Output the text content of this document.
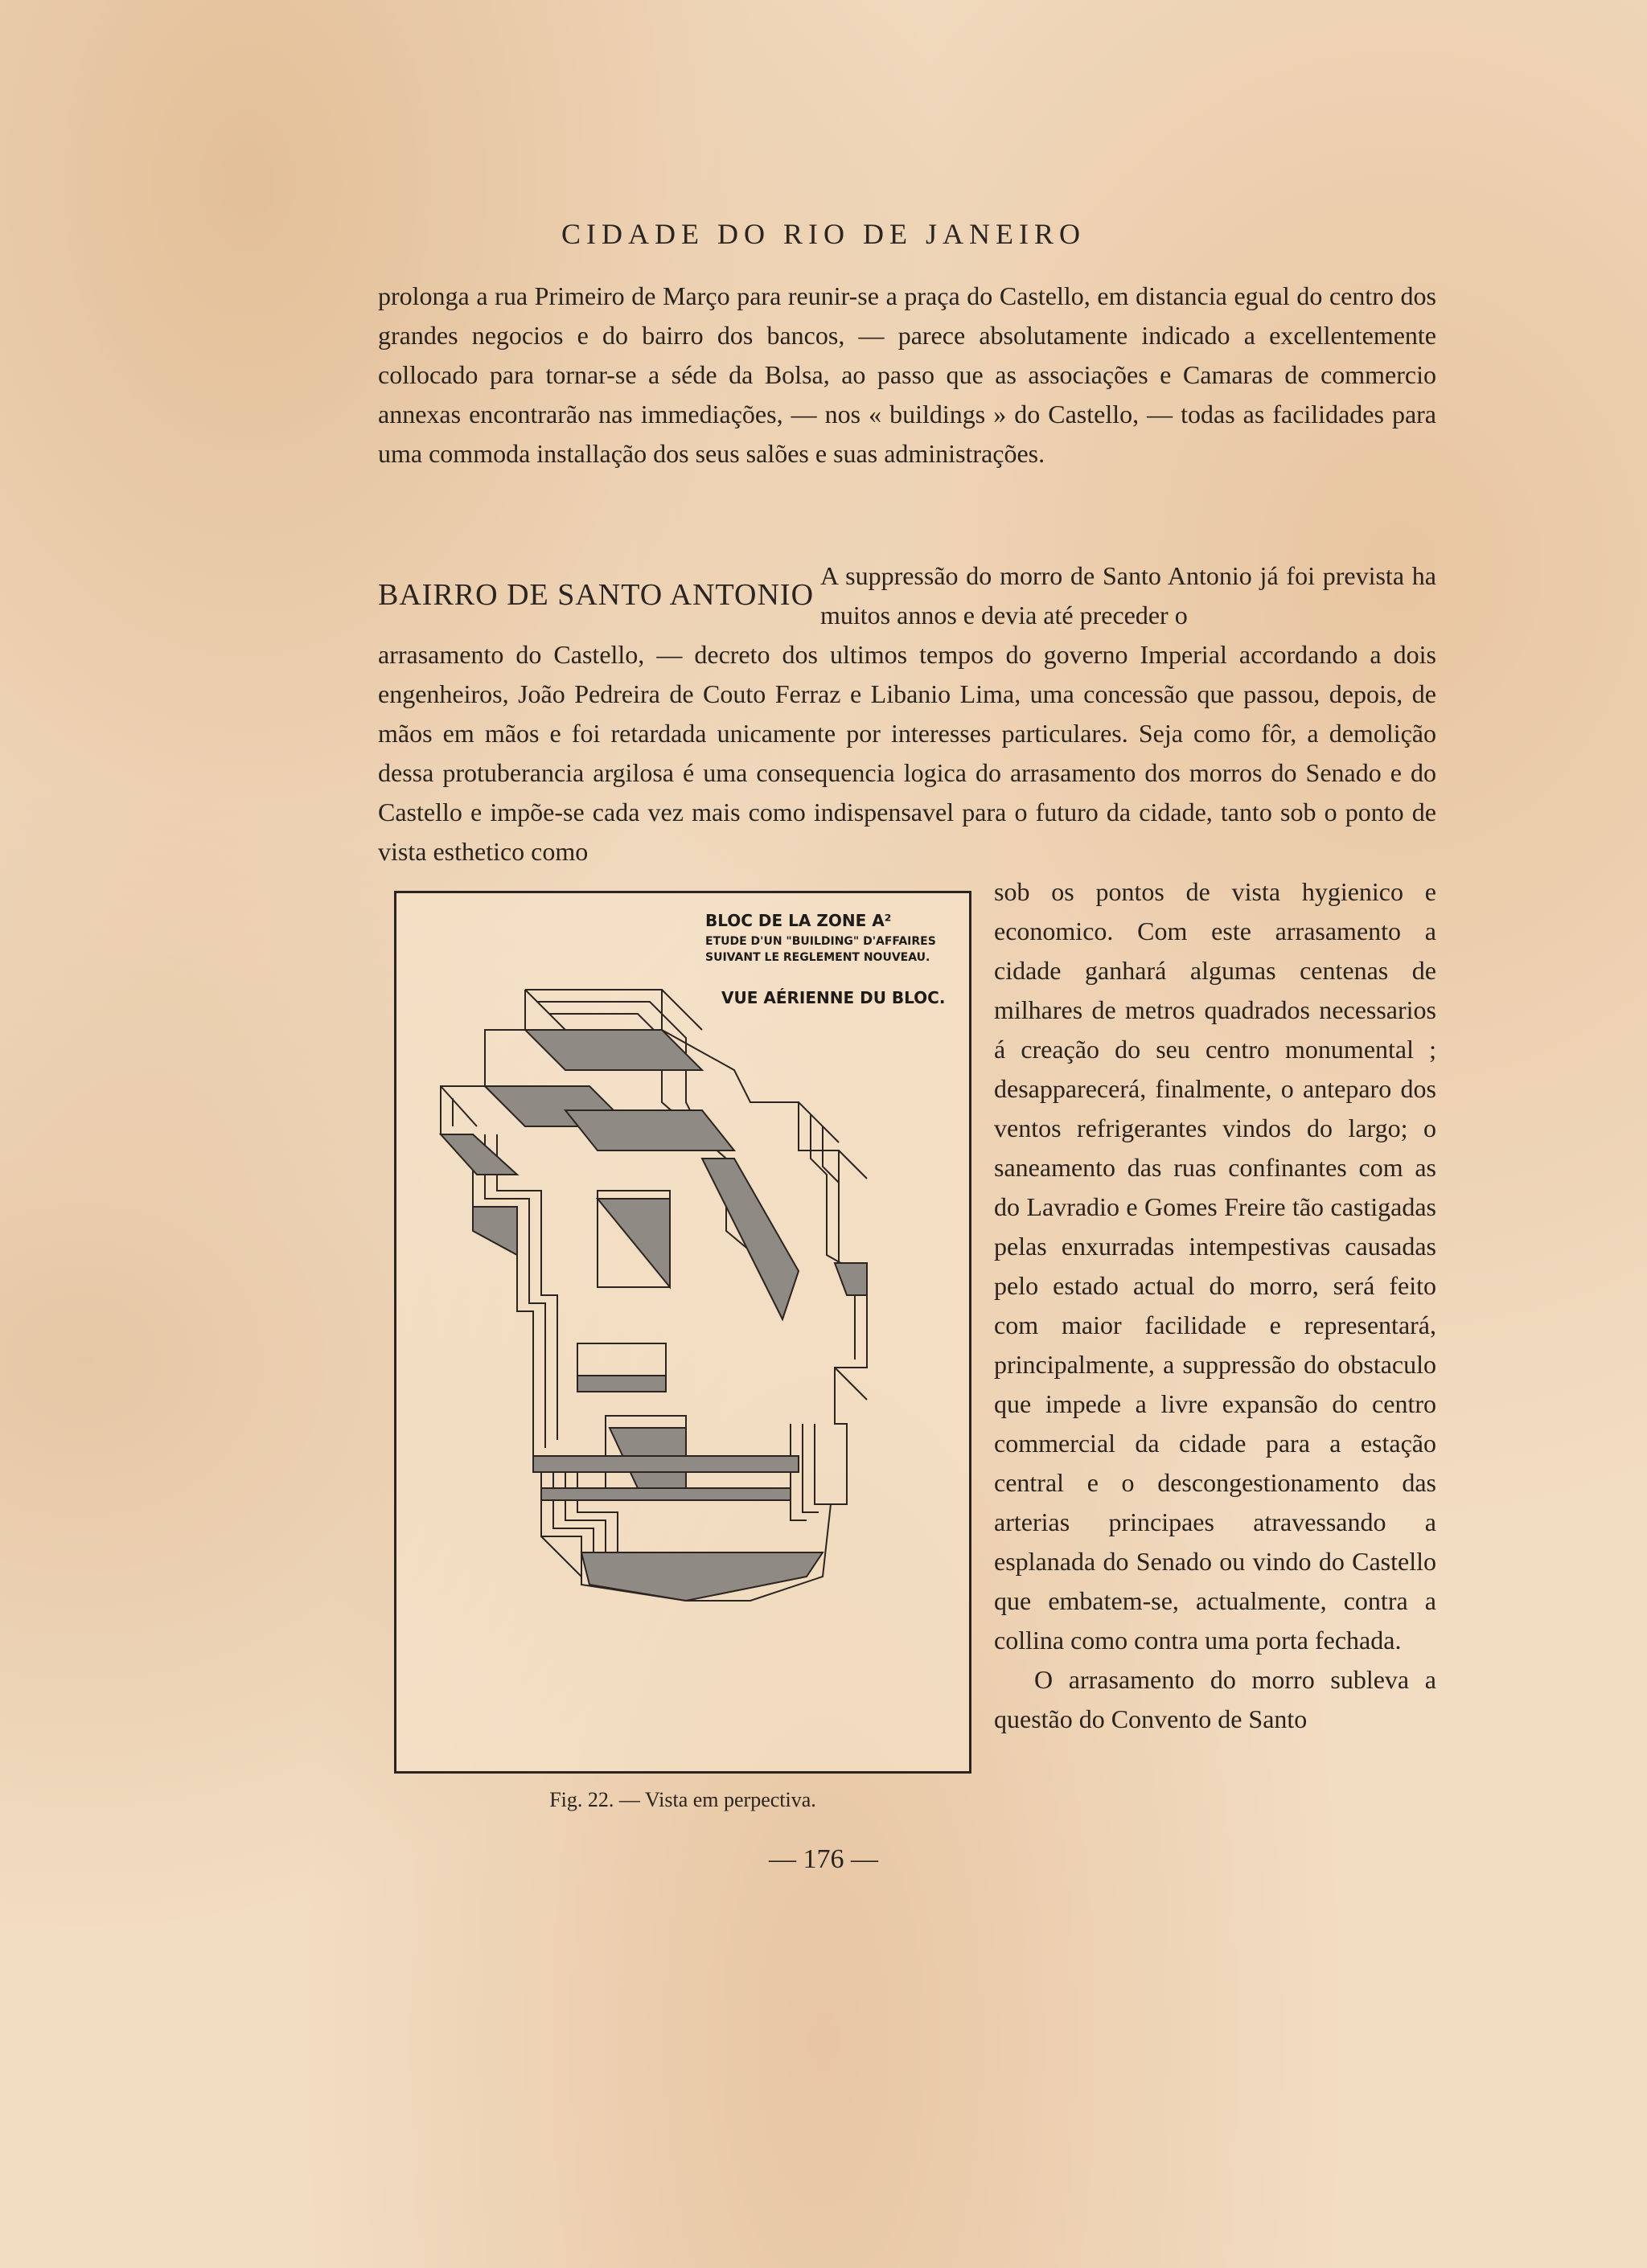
CIDADE DO RIO DE JANEIRO

prolonga a rua Primeiro de Março para reunir-se a praça do Castello, em distancia egual do centro dos grandes negocios e do bairro dos bancos, — parece absolutamente indicado a excellentemente collocado para tornar-se a séde da Bolsa, ao passo que as associações e Camaras de commercio annexas encontrarão nas immediações, — nos « buildings » do Castello, — todas as facilidades para uma commoda installação dos seus salões e suas administrações.

BAIRRO DE SANTO ANTONIO
A suppressão do morro de Santo Antonio já foi prevista ha muitos annos e devia até preceder o

arrasamento do Castello, — decreto dos ultimos tempos do governo Imperial accordando a dois engenheiros, João Pedreira de Couto Ferraz e Libanio Lima, uma concessão que passou, depois, de mãos em mãos e foi retardada unicamente por interesses particulares. Seja como fôr, a demolição dessa protuberancia argilosa é uma consequencia logica do arrasamento dos morros do Senado e do Castello e impõe-se cada vez mais como indispensavel para o futuro da cidade, tanto sob o ponto de vista esthetico como

BLOC DE LA ZONE A²
ETUDE D'UN "BUILDING" D'AFFAIRES
SUIVANT LE REGLEMENT NOUVEAU.
VUE AÉRIENNE DU BLOC.
Fig. 22. — Vista em perpectiva.

sob os pontos de vista hygienico e economico. Com este arrasamento a cidade ganhará algumas centenas de milhares de metros quadrados necessarios á creação do seu centro monumental ; desapparecerá, finalmente, o anteparo dos ventos refrigerantes vindos do largo; o saneamento das ruas confinantes com as do Lavradio e Gomes Freire tão castigadas pelas enxurradas intempestivas causadas pelo estado actual do morro, será feito com maior facilidade e representará, principalmente, a suppressão do obstaculo que impede a livre expansão do centro commercial da cidade para a estação central e o descongestionamento das arterias principaes atravessando a esplanada do Senado ou vindo do Castello que embatem-se, actualmente, contra a collina como contra uma porta fechada.

O arrasamento do morro subleva a questão do Convento de Santo

— 176 —
